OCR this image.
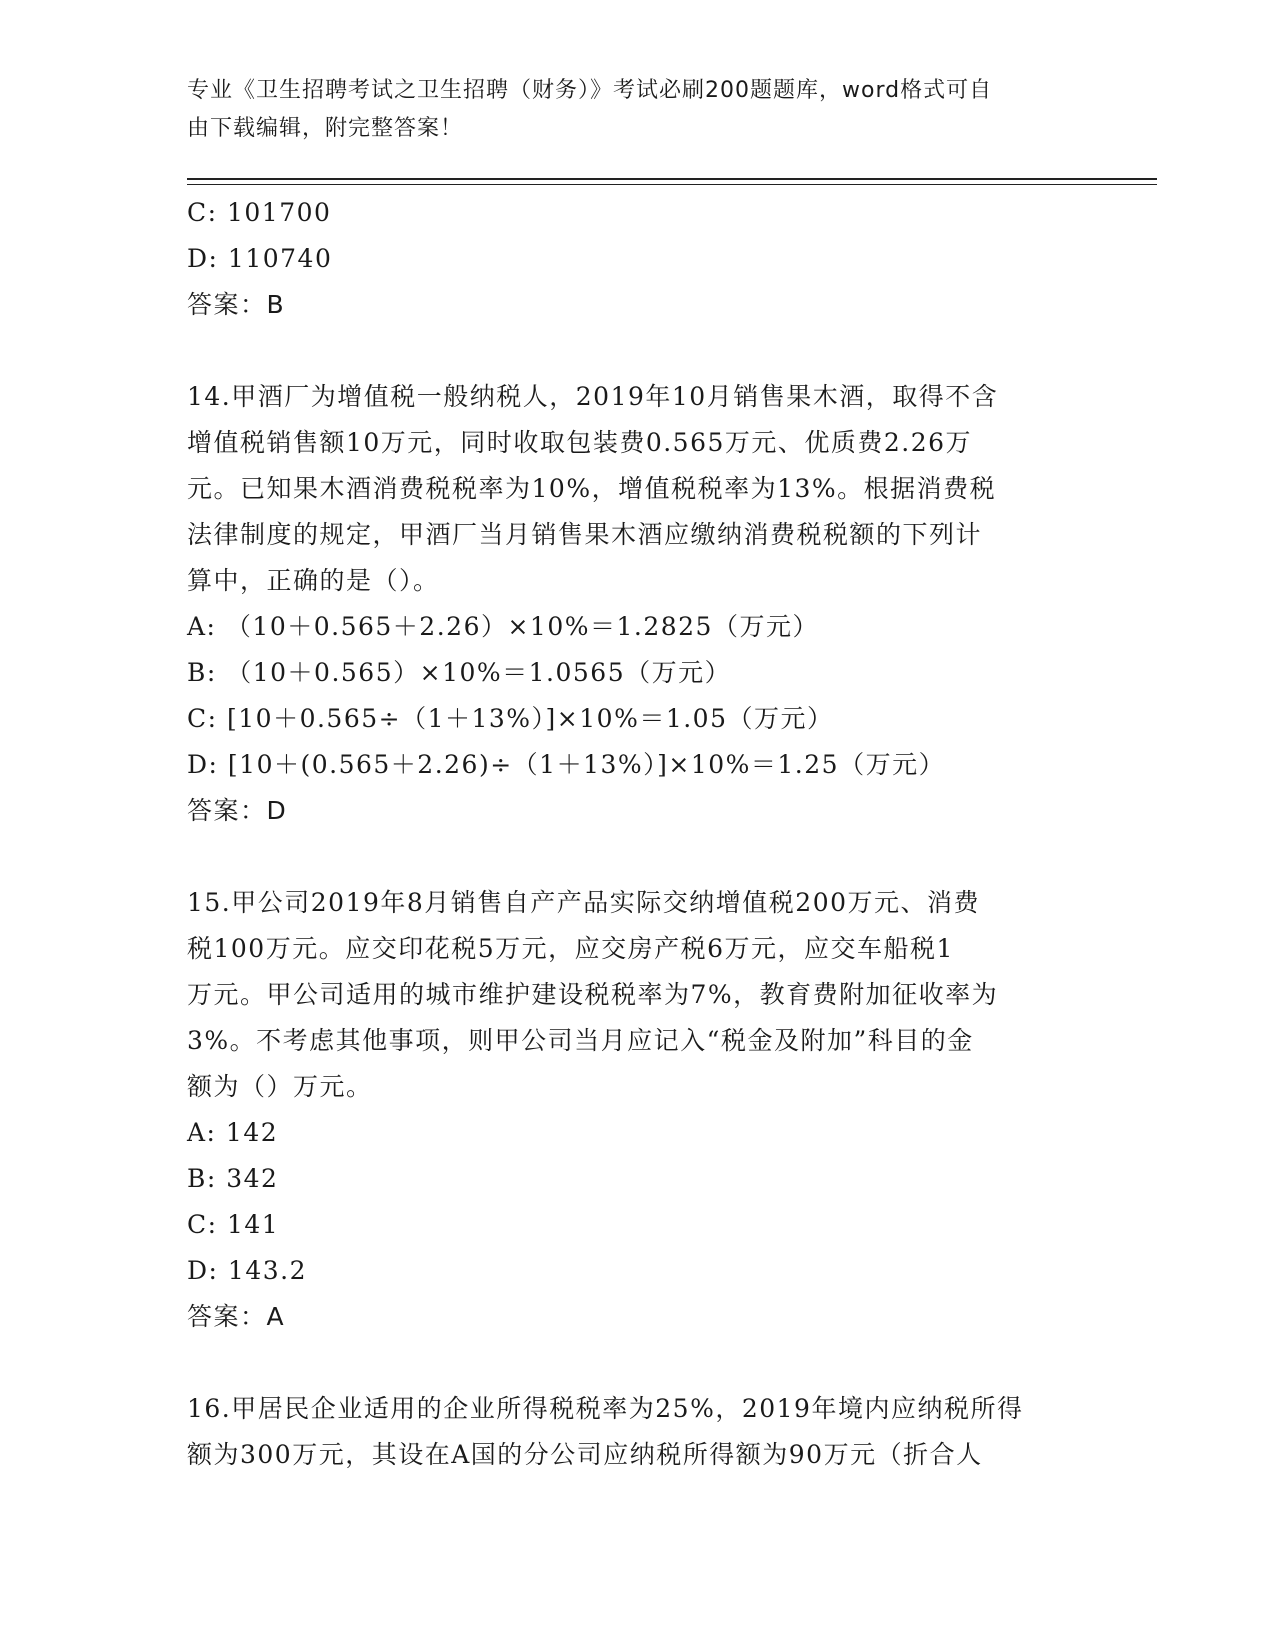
专业《卫生招聘考试之卫生招聘（财务）》考试必刷200题题库，word格式可自
由下载编辑，附完整答案！

C: 101700

D: 110740

答案：B

14.甲酒厂为增值税一般纳税人，2019年10月销售果木酒，取得不含

增值税销售额10万元，同时收取包装费0.565万元、优质费2.26万

元。已知果木酒消费税税率为10%，增值税税率为13%。根据消费税

法律制度的规定，甲酒厂当月销售果木酒应缴纳消费税税额的下列计

算中，正确的是（）。

A: （10＋0.565＋2.26）×10%＝1.2825（万元）

B: （10＋0.565）×10%＝1.0565（万元）

C: [10＋0.565÷（1＋13%）]×10%＝1.05（万元）

D: [10＋(0.565＋2.26)÷（1＋13%）]×10%＝1.25（万元）

答案：D

15.甲公司2019年8月销售自产产品实际交纳增值税200万元、消费

税100万元。应交印花税5万元，应交房产税6万元，应交车船税1

万元。甲公司适用的城市维护建设税税率为7%，教育费附加征收率为

3%。不考虑其他事项，则甲公司当月应记入“税金及附加”科目的金

额为（）万元。

A: 142

B: 342

C: 141

D: 143.2

答案：A

16.甲居民企业适用的企业所得税税率为25%，2019年境内应纳税所得

额为300万元，其设在A国的分公司应纳税所得额为90万元（折合人
